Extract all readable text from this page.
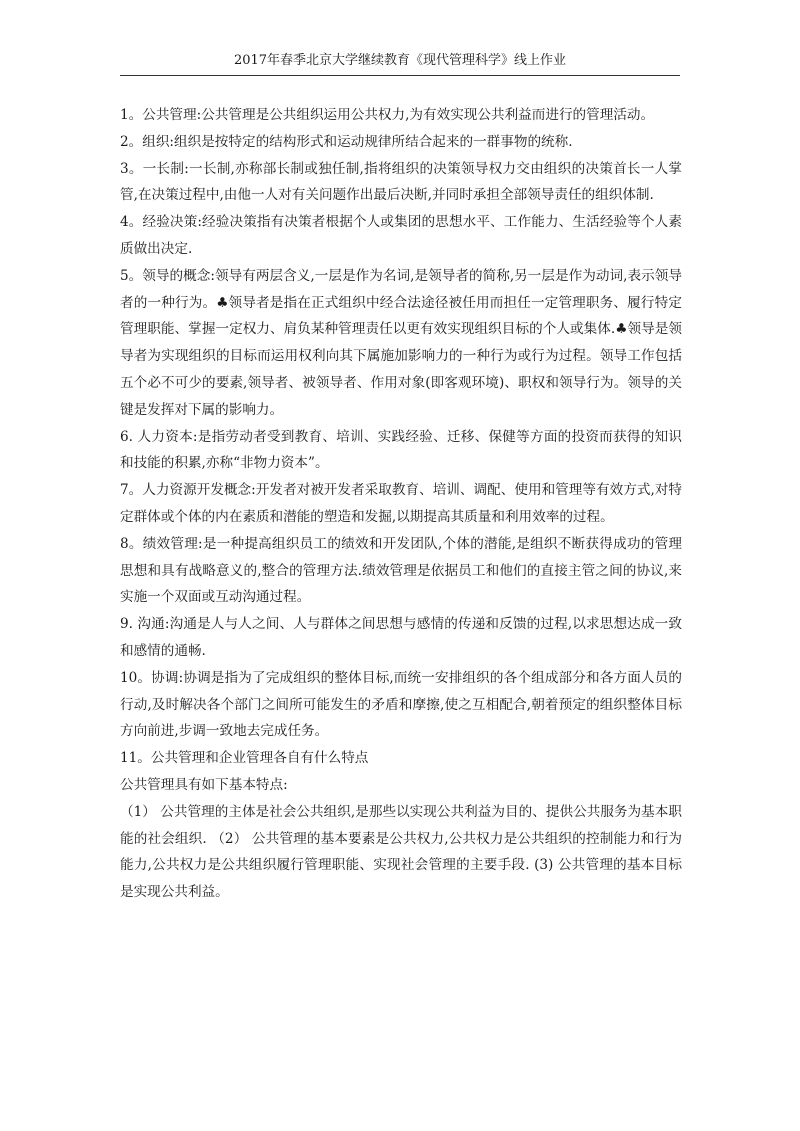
2017年春季北京大学继续教育《现代管理科学》线上作业

1。公共管理:公共管理是公共组织运用公共权力,为有效实现公共利益而进行的管理活动。

2。组织:组织是按特定的结构形式和运动规律所结合起来的一群事物的统称.

3。一长制:一长制,亦称部长制或独任制,指将组织的决策领导权力交由组织的决策首长一人掌管,在决策过程中,由他一人对有关问题作出最后决断,并同时承担全部领导责任的组织体制.

4。经验决策:经验决策指有决策者根据个人或集团的思想水平、工作能力、生活经验等个人素质做出决定.

5。领导的概念:领导有两层含义,一层是作为名词,是领导者的简称,另一层是作为动词,表示领导者的一种行为。♣领导者是指在正式组织中经合法途径被任用而担任一定管理职务、履行特定管理职能、掌握一定权力、肩负某种管理责任以更有效实现组织目标的个人或集体.♣领导是领导者为实现组织的目标而运用权利向其下属施加影响力的一种行为或行为过程。领导工作包括五个必不可少的要素,领导者、被领导者、作用对象(即客观环境)、职权和领导行为。领导的关键是发挥对下属的影响力。

6. 人力资本:是指劳动者受到教育、培训、实践经验、迁移、保健等方面的投资而获得的知识和技能的积累,亦称“非物力资本”。

7。人力资源开发概念:开发者对被开发者采取教育、培训、调配、使用和管理等有效方式,对特定群体或个体的内在素质和潜能的塑造和发掘,以期提高其质量和利用效率的过程。

8。绩效管理:是一种提高组织员工的绩效和开发团队,个体的潜能,是组织不断获得成功的管理思想和具有战略意义的,整合的管理方法.绩效管理是依据员工和他们的直接主管之间的协议,来实施一个双面或互动沟通过程。

9. 沟通:沟通是人与人之间、人与群体之间思想与感情的传递和反馈的过程,以求思想达成一致和感情的通畅.

10。协调:协调是指为了完成组织的整体目标,而统一安排组织的各个组成部分和各方面人员的行动,及时解决各个部门之间所可能发生的矛盾和摩擦,使之互相配合,朝着预定的组织整体目标方向前进,步调一致地去完成任务。

11。公共管理和企业管理各自有什么特点

公共管理具有如下基本特点:

（1） 公共管理的主体是社会公共组织,是那些以实现公共利益为目的、提供公共服务为基本职能的社会组织. （2） 公共管理的基本要素是公共权力,公共权力是公共组织的控制能力和行为能力,公共权力是公共组织履行管理职能、实现社会管理的主要手段. (3) 公共管理的基本目标是实现公共利益。
